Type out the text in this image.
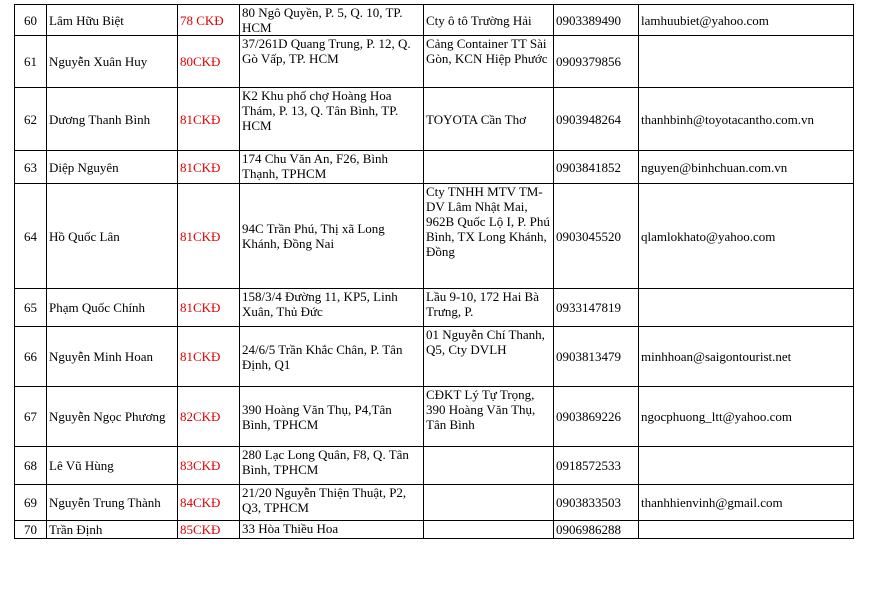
60	Lâm Hữu Biệt	78 CKĐ	80 Ngô Quyền, P. 5, Q. 10, TP. HCM	Cty ô tô Trường Hải	0903389490	lamhuubiet@yahoo.com
61	Nguyễn Xuân Huy	80CKĐ	37/261D Quang Trung, P. 12, Q. Gò Vấp, TP. HCM	Cảng Container TT Sài Gòn, KCN Hiệp Phước	0909379856	
62	Dương Thanh Bình	81CKĐ	K2 Khu phố chợ Hoàng Hoa Thám, P. 13, Q. Tân Bình, TP. HCM	TOYOTA Cần Thơ	0903948264	thanhbinh@toyotacantho.com.vn
63	Diệp Nguyên	81CKĐ	174 Chu Văn An, F26, Bình Thạnh, TPHCM		0903841852	nguyen@binhchuan.com.vn
64	Hồ Quốc Lân	81CKĐ	94C Trần Phú, Thị xã Long Khánh, Đồng Nai	Cty TNHH MTV TM-DV Lâm Nhật Mai, 962B Quốc Lộ I, P. Phú Bình, TX Long Khánh, Đồng	0903045520	qlamlokhato@yahoo.com
65	Phạm Quốc Chính	81CKĐ	158/3/4 Đường 11, KP5, Linh Xuân, Thủ Đức	Lầu 9-10, 172 Hai Bà Trưng, P.	0933147819	
66	Nguyễn Minh Hoan	81CKĐ	24/6/5 Trần Khắc Chân, P. Tân Định, Q1	01 Nguyễn Chí Thanh, Q5, Cty DVLH	0903813479	minhhoan@saigontourist.net
67	Nguyễn Ngọc Phương	82CKĐ	390 Hoàng Văn Thụ, P4,Tân Bình, TPHCM	CĐKT Lý Tự Trọng, 390 Hoàng Văn Thụ, Tân Bình	0903869226	ngocphuong_ltt@yahoo.com
68	Lê Vũ Hùng	83CKĐ	280 Lạc Long Quân, F8, Q. Tân Bình, TPHCM		0918572533	
69	Nguyễn Trung Thành	84CKĐ	21/20 Nguyễn Thiện Thuật, P2, Q3, TPHCM		0903833503	thanhhienvinh@gmail.com
70	Trần Định	85CKĐ	33 Hòa Thiều Hoa		0906986288	
